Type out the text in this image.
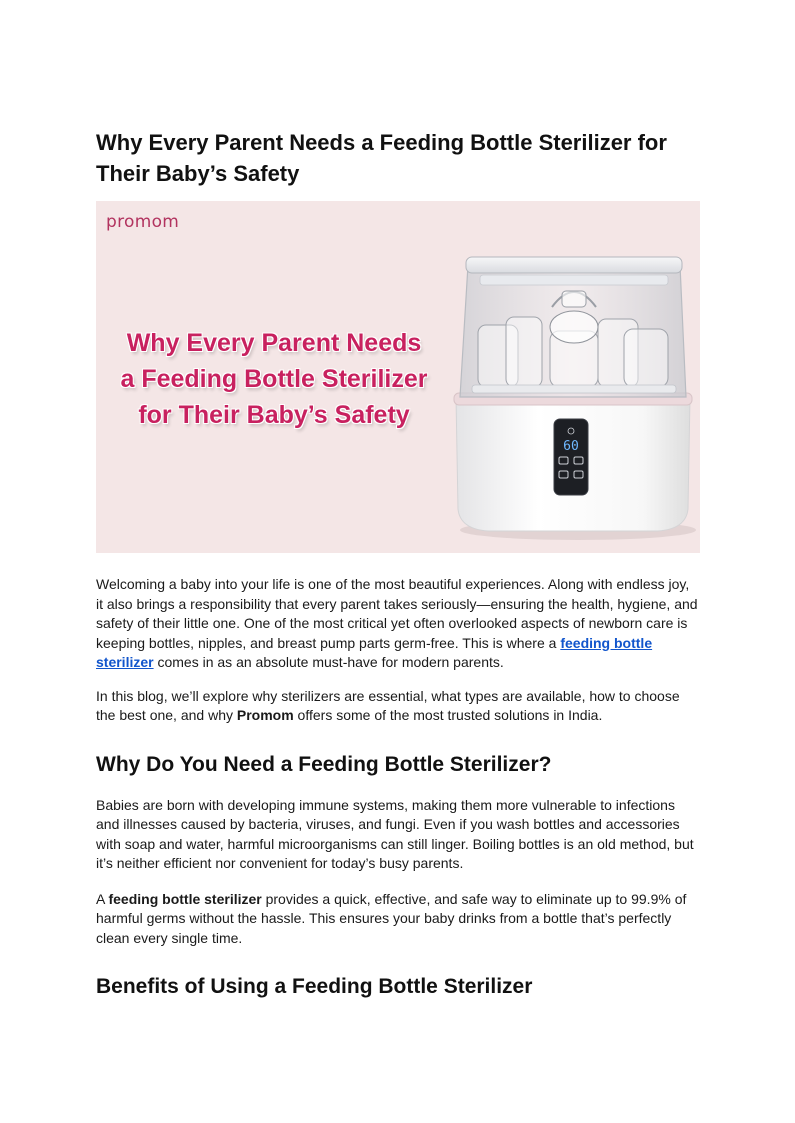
Why Every Parent Needs a Feeding Bottle Sterilizer for Their Baby’s Safety
promom
Why Every Parent Needs
a Feeding Bottle Sterilizer
for Their Baby’s Safety
60

Welcoming a baby into your life is one of the most beautiful experiences. Along with endless joy, it also brings a responsibility that every parent takes seriously—ensuring the health, hygiene, and safety of their little one. One of the most critical yet often overlooked aspects of newborn care is keeping bottles, nipples, and breast pump parts germ-free. This is where a feeding bottle sterilizer comes in as an absolute must-have for modern parents.

In this blog, we’ll explore why sterilizers are essential, what types are available, how to choose the best one, and why Promom offers some of the most trusted solutions in India.

Why Do You Need a Feeding Bottle Sterilizer?

Babies are born with developing immune systems, making them more vulnerable to infections and illnesses caused by bacteria, viruses, and fungi. Even if you wash bottles and accessories with soap and water, harmful microorganisms can still linger. Boiling bottles is an old method, but it’s neither efficient nor convenient for today’s busy parents.

A feeding bottle sterilizer provides a quick, effective, and safe way to eliminate up to 99.9% of harmful germs without the hassle. This ensures your baby drinks from a bottle that’s perfectly clean every single time.

Benefits of Using a Feeding Bottle Sterilizer
